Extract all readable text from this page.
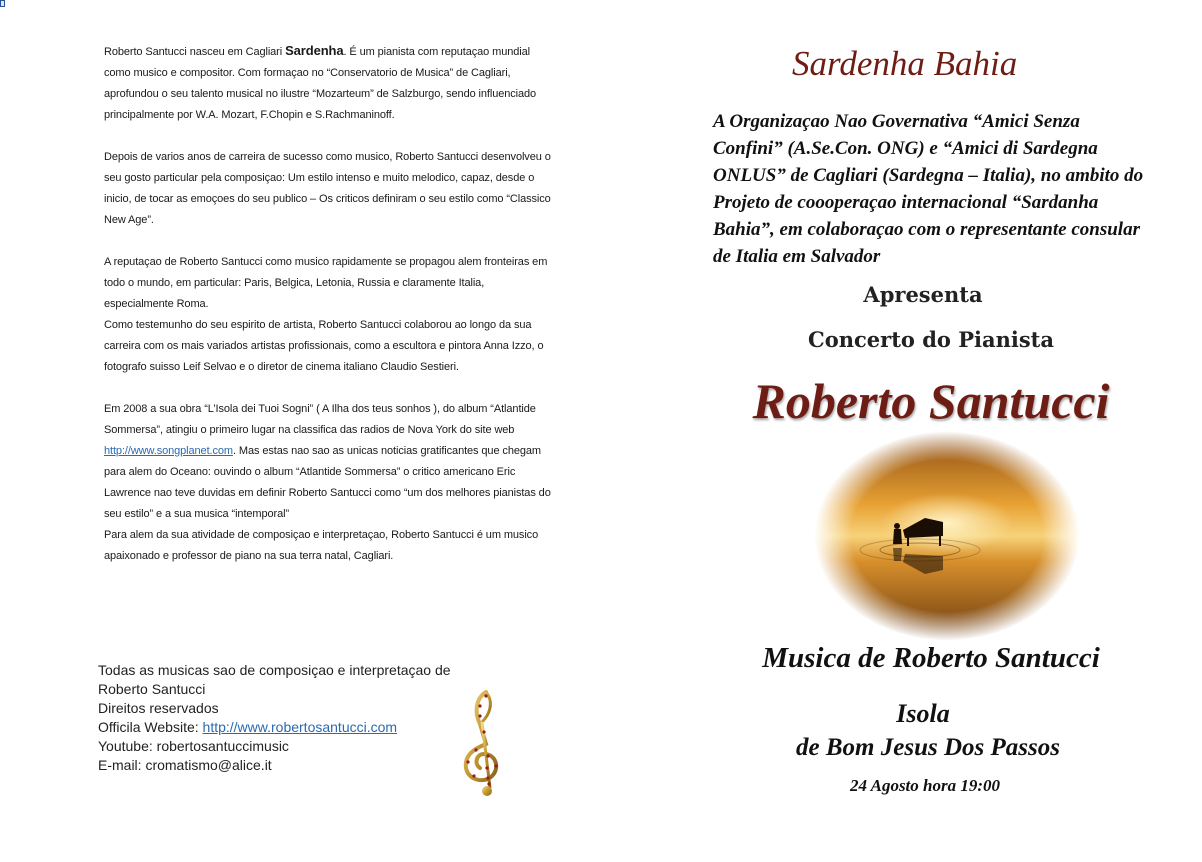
Roberto Santucci nasceu em Cagliari Sardenha. É um pianista com reputaçao mundial como musico e compositor. Com formaçao no “Conservatorio de Musica” de Cagliari, aprofundou o seu talento musical no ilustre “Mozarteum” de Salzburgo, sendo influenciado principalmente por W.A. Mozart, F.Chopin e S.Rachmaninoff.

Depois de varios anos de carreira de sucesso como musico, Roberto Santucci desenvolveu o seu gosto particular pela composiçao: Um estilo intenso e muito melodico, capaz, desde o inicio, de tocar as emoçoes do seu publico – Os criticos definiram o seu estilo como “Classico New Age”.

A reputaçao de Roberto Santucci como musico rapidamente se propagou alem fronteiras em todo o mundo, em particular: Paris, Belgica, Letonia, Russia e claramente Italia, especialmente Roma.

Como testemunho do seu espirito de artista, Roberto Santucci colaborou ao longo da sua carreira com os mais variados artistas profissionais, como a escultora e pintora Anna Izzo, o fotografo suisso Leif Selvao e o diretor de cinema italiano Claudio Sestieri.

Em 2008 a sua obra “L’Isola dei Tuoi Sogni” ( A Ilha dos teus sonhos ), do album “Atlantide Sommersa”, atingiu o primeiro lugar na classifica das radios de Nova York do site web http://www.songplanet.com. Mas estas nao sao as unicas noticias gratificantes que chegam para alem do Oceano: ouvindo o album “Atlantide Sommersa” o critico americano Eric Lawrence nao teve duvidas em definir Roberto Santucci como “um dos melhores pianistas do seu estilo” e a sua musica “intemporal”

Para alem da sua atividade de composiçao e interpretaçao, Roberto Santucci é um musico apaixonado e professor de piano na sua terra natal, Cagliari.

Todas as musicas sao de composiçao e interpretaçao de
Roberto Santucci
Direitos reservados
Officila Website: http://www.robertosantucci.com
Youtube: robertosantuccimusic
E-mail: cromatismo@alice.it
Sardenha Bahia
A Organizaçao Nao Governativa “Amici Senza Confini” (A.Se.Con. ONG) e “Amici di Sardegna ONLUS” de Cagliari (Sardegna – Italia), no ambito do Projeto de coooperaçao internacional “Sardanha Bahia”, em colaboraçao com o representante consular de Italia em Salvador
Apresenta
Concerto do Pianista
Roberto Santucci
Musica de Roberto Santucci
Isola
de Bom Jesus Dos Passos
24 Agosto hora 19:00
